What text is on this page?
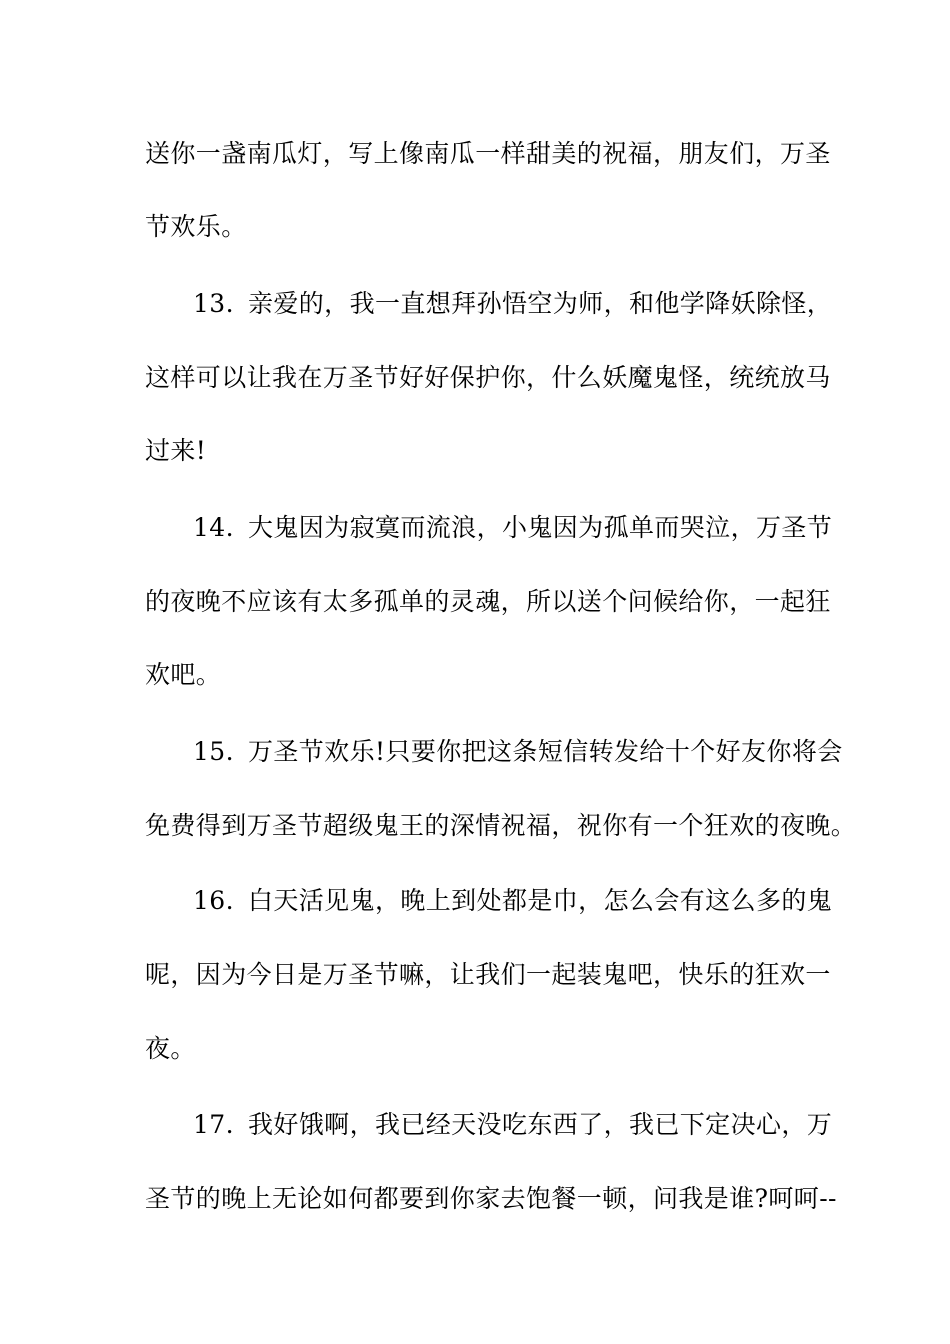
送你一盏南瓜灯，写上像南瓜一样甜美的祝福，朋友们，万圣
节欢乐。
13. 亲爱的，我一直想拜孙悟空为师，和他学降妖除怪，
这样可以让我在万圣节好好保护你，什么妖魔鬼怪，统统放马
过来!
14. 大鬼因为寂寞而流浪，小鬼因为孤单而哭泣，万圣节
的夜晚不应该有太多孤单的灵魂，所以送个问候给你，一起狂
欢吧。
15. 万圣节欢乐!只要你把这条短信转发给十个好友你将会
免费得到万圣节超级鬼王的深情祝福，祝你有一个狂欢的夜晚。
16. 白天活见鬼，晚上到处都是巾，怎么会有这么多的鬼
呢，因为今日是万圣节嘛，让我们一起装鬼吧，快乐的狂欢一
夜。
17. 我好饿啊，我已经天没吃东西了，我已下定决心，万
圣节的晚上无论如何都要到你家去饱餐一顿，问我是谁?呵呵--
